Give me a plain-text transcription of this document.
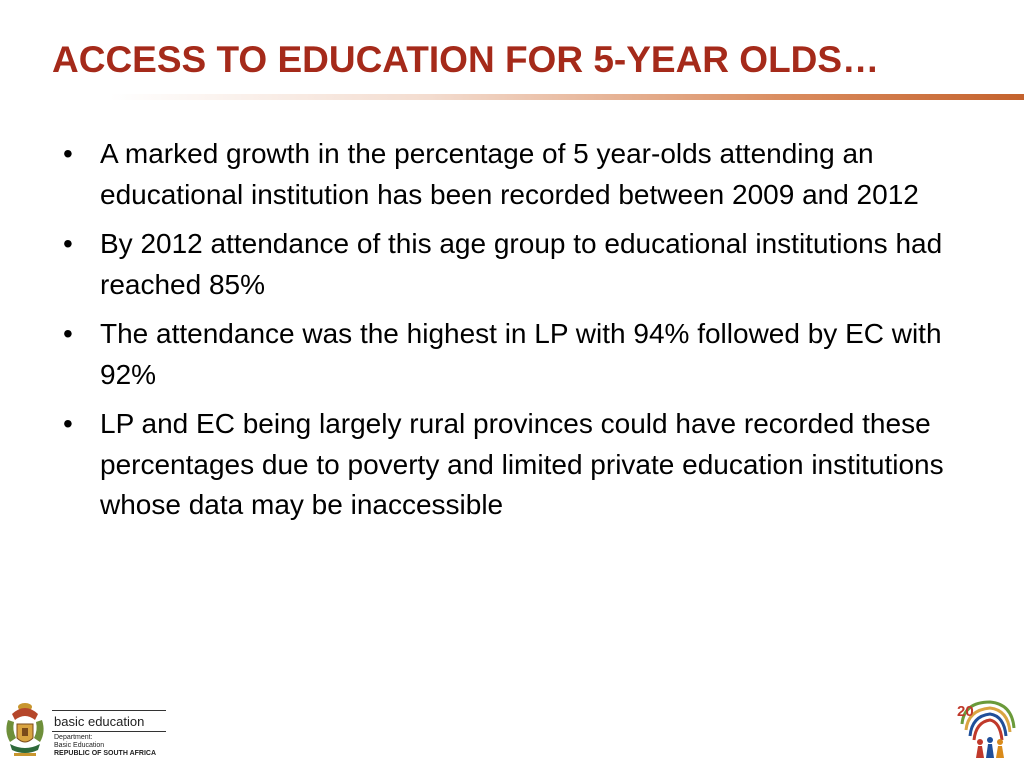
ACCESS TO EDUCATION FOR 5-YEAR OLDS…
• A marked growth in the percentage of 5 year-olds attending an educational institution has been recorded between 2009 and 2012
• By 2012 attendance of this age group to educational institutions had reached 85%
• The attendance was the highest in LP with 94% followed by EC with 92%
• LP and EC being largely rural provinces could have recorded these percentages due to poverty and limited private education institutions whose data may be inaccessible
basic education
Department:
Basic Education
REPUBLIC OF SOUTH AFRICA
20
